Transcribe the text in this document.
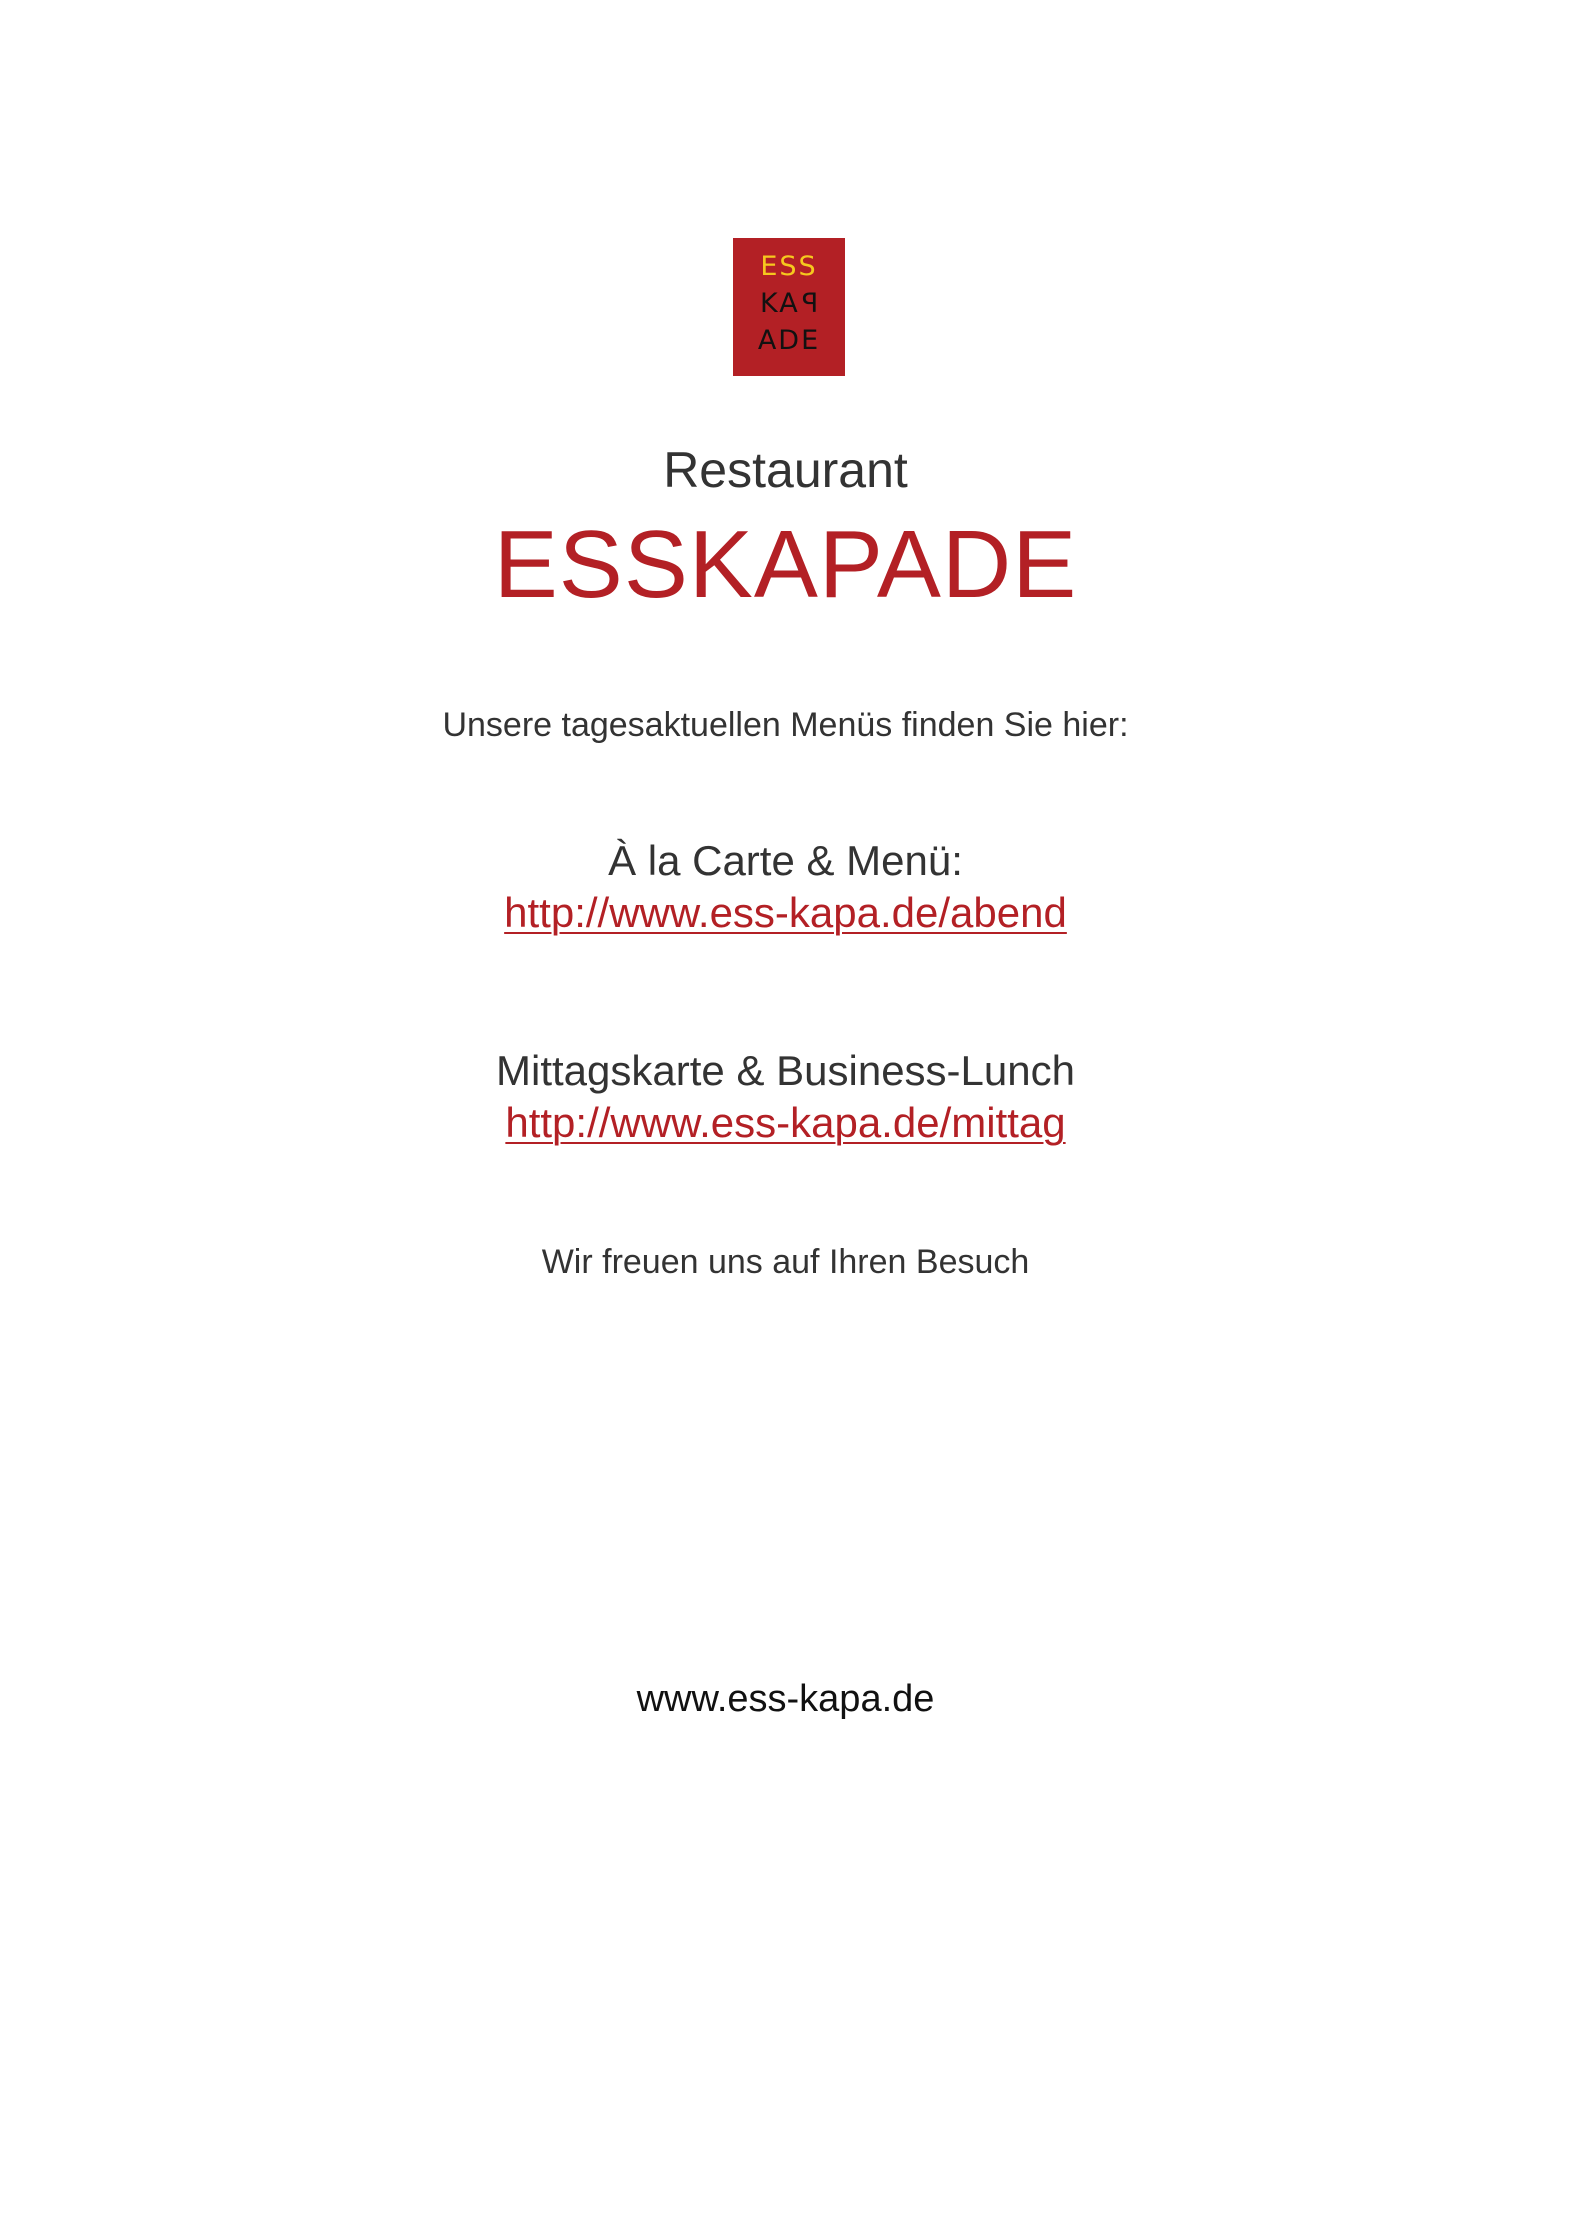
ESS
KAP
ADE

Restaurant

ESSKAPADE

Unsere tagesaktuellen Menüs finden Sie hier:

À la Carte & Menü:

http://www.ess-kapa.de/abend

Mittagskarte & Business-Lunch

http://www.ess-kapa.de/mittag

Wir freuen uns auf Ihren Besuch

www.ess-kapa.de
